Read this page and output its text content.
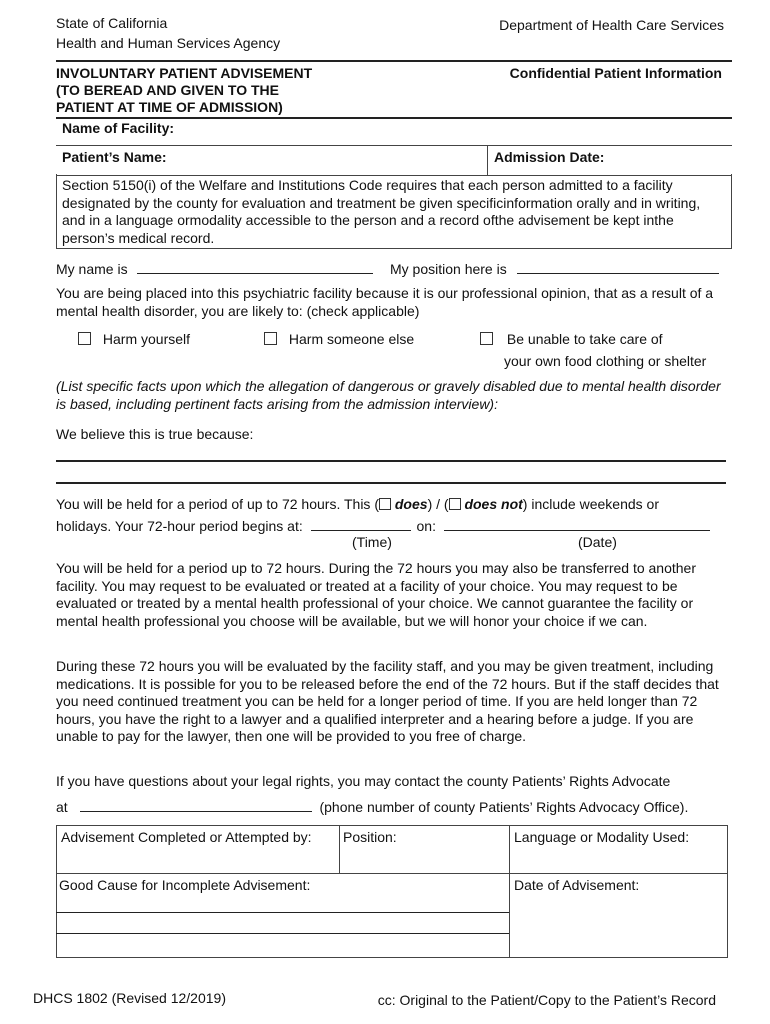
State of California
Health and Human Services Agency
Department of Health Care Services
INVOLUNTARY PATIENT ADVISEMENT
(TO BEREAD AND GIVEN TO THE
PATIENT AT TIME OF ADMISSION)
Confidential Patient Information
Name of Facility:
Patient’s Name:	Admission Date:
Section 5150(i) of the Welfare and Institutions Code requires that each person admitted to a facility designated by the county for evaluation and treatment be given specificinformation orally and in writing, and in a language ormodality accessible to the person and a record ofthe advisement be kept inthe person’s medical record.
My name is	My position here is
You are being placed into this psychiatric facility because it is our professional opinion, that as a result of a mental health disorder, you are likely to: (check applicable)
Harm yourself	Harm someone else	Be unable to take care of
your own food clothing or shelter
(List specific facts upon which the allegation of dangerous or gravely disabled due to mental health disorder is based, including pertinent facts arising from the admission interview):
We believe this is true because:
You will be held for a period of up to 72 hours. This ( does) / ( does not) include weekends or
holidays. Your 72-hour period begins at:	on:
(Time)	(Date)
You will be held for a period up to 72 hours. During the 72 hours you may also be transferred to another facility. You may request to be evaluated or treated at a facility of your choice. You may request to be evaluated or treated by a mental health professional of your choice. We cannot guarantee the facility or mental health professional you choose will be available, but we will honor your choice if we can.
During these 72 hours you will be evaluated by the facility staff, and you may be given treatment, including medications. It is possible for you to be released before the end of the 72 hours. But if the staff decides that you need continued treatment you can be held for a longer period of time. If you are held longer than 72 hours, you have the right to a lawyer and a qualified interpreter and a hearing before a judge. If you are unable to pay for the lawyer, then one will be provided to you free of charge.
If you have questions about your legal rights, you may contact the county Patients’ Rights Advocate
at	(phone number of county Patients’ Rights Advocacy Office).
Advisement Completed or Attempted by: Position:	Language or Modality Used:
Good Cause for Incomplete Advisement:	Date of Advisement:
DHCS 1802 (Revised 12/2019)	cc: Original to the Patient/Copy to the Patient’s Record
